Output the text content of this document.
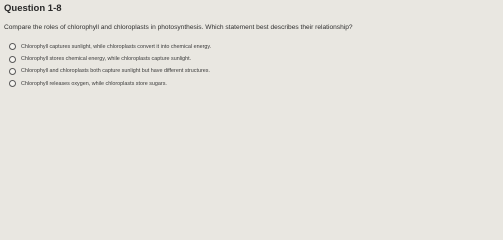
Question 1-8
Compare the roles of chlorophyll and chloroplasts in photosynthesis. Which statement best describes their relationship?
Chlorophyll captures sunlight, while chloroplasts convert it into chemical energy.
Chlorophyll stores chemical energy, while chloroplasts capture sunlight.
Chlorophyll and chloroplasts both capture sunlight but have different structures.
Chlorophyll releases oxygen, while chloroplasts store sugars.
